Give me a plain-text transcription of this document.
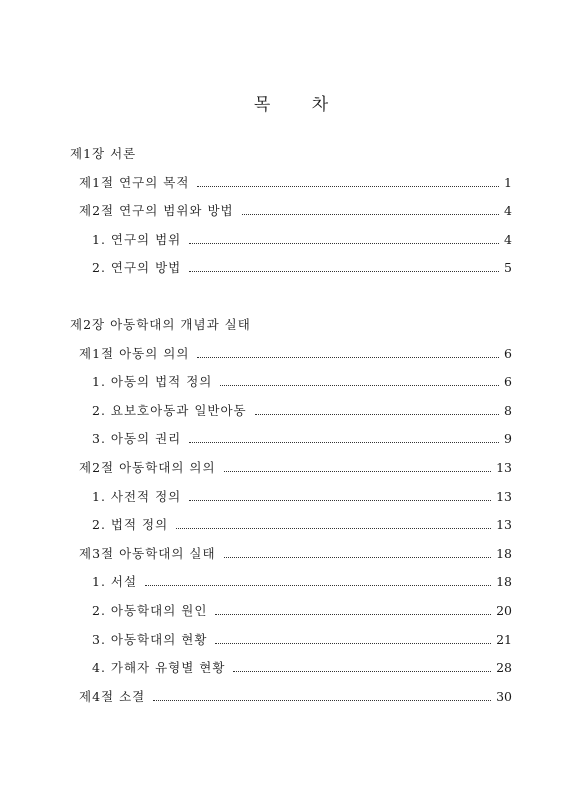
목 차
제1장 서론
제1절 연구의 목적	1
제2절 연구의 범위와 방법	4
1. 연구의 범위	4
2. 연구의 방법	5
제2장 아동학대의 개념과 실태
제1절 아동의 의의	6
1. 아동의 법적 정의	6
2. 요보호아동과 일반아동	8
3. 아동의 권리	9
제2절 아동학대의 의의	13
1. 사전적 정의	13
2. 법적 정의	13
제3절 아동학대의 실태	18
1. 서설	18
2. 아동학대의 원인	20
3. 아동학대의 현황	21
4. 가해자 유형별 현황	28
제4절 소결	30
